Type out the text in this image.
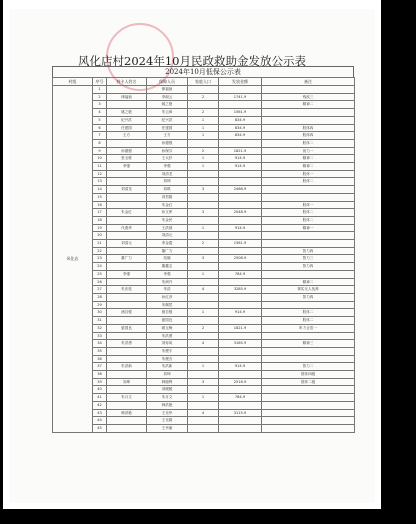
风化店村2024年10月民政救助金发放公示表
2024年10月低保公示表
村组	序号	持卡人姓名	保障人员	家庭人口	发放金额	备注
风化店	1		律福祯			
	2	律福祯	李淑云	2	1741.9	残疾三
	3		姚之艳			精神二
	4	姚之艳	朱云章	2	1561.9	
	5	纪兴洪	纪兴洪	1	834.9	
	6	任建国	任建国	1	834.9	肢体四
	7	王方	王方	1	834.9	肢体四
	8		孙德强			肢体二
	9	孙德强	孙保芬	2	1821.9	视力一
	10	张玉栋	王大杉	1	914.9	精神二
	11	李强	李强	1	914.9	精神二
	12		刘清龙			肢体一
	13		刘坤			肢体二
	14	刘清龙	刘琪	3	2468.9	
	15		刘君娟			
	16		朱金红			肢体一
	17	朱金红	孙文库	3	2048.9	肢体二
	18		朱金民			肢体二
	19	代燕华	王洪财	1	914.9	精神一
	20		刘清元			
	21	刘清元	李金霞	2	1561.9	
	22		董广力			智力四
	23	董广力	范晓	3	2508.9	智力三
	24		董鑫宝			智力四
	25	李强	李强	1	784.9	
	26		朱润升			精神二
	27	朱庆桂	朱浩	4	3285.9	事实无人抚养
	28		孙红彦			智力四
	29		朱佩然			
	30	褚自强	褚自强	1	914.9	肢体二
	31		晏国良			肢体二
	32	晏国良	顾玉梅	2	1821.9	听力言语一
	33		朱洪勇			
	34	朱洪勇	刘寿凤	4	3165.9	精神三
	35		朱俊宇			
	36		朱俊含			
	37	朱洪新	朱洪新	1	914.9	智力二
	38		刘坤			肢体四级
	39	刘坤	韩瑞利	3	2516.9	肢体二级
	40		刘媛媛			
	41	朱月文	朱月文	1	784.9	
	42		韩洪艳			
	43	韩洪艳	王光华	4	3115.9	
	44		王光娟			
	45		王丹丽			
